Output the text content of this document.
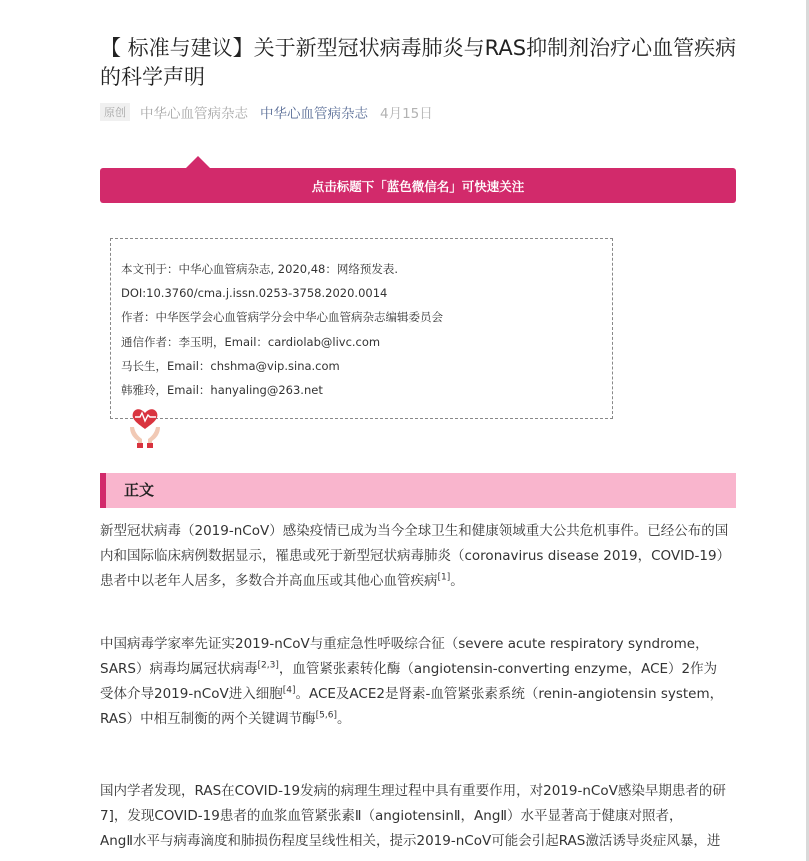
【 标准与建议】关于新型冠状病毒肺炎与RAS抑制剂治疗心血管疾病的科学声明
原创 中华心血管病杂志 中华心血管病杂志 4月15日
点击标题下「蓝色微信名」可快速关注
本文刊于：中华心血管病杂志, 2020,48：网络预发表.
DOI:10.3760/cma.j.issn.0253-3758.2020.0014
作者：中华医学会心血管病学分会中华心血管病杂志编辑委员会
通信作者：李玉明，Email：cardiolab@livc.com
马长生，Email：chshma@vip.sina.com
韩雅玲，Email：hanyaling@263.net
正文
新型冠状病毒（2019-nCoV）感染疫情已成为当今全球卫生和健康领域重大公共危机事件。已经公布的国
内和国际临床病例数据显示，罹患或死于新型冠状病毒肺炎（coronavirus disease 2019，COVID-19）
患者中以老年人居多，多数合并高血压或其他心血管疾病[1]。
中国病毒学家率先证实2019-nCoV与重症急性呼吸综合征（severe acute respiratory syndrome，
SARS）病毒均属冠状病毒[2,3]，血管紧张素转化酶（angiotensin-converting enzyme，ACE）2作为
受体介导2019-nCoV进入细胞[4]。ACE及ACE2是肾素-血管紧张素系统（renin-angiotensin system，
RAS）中相互制衡的两个关键调节酶[5,6]。
国内学者发现，RAS在COVID-19发病的病理生理过程中具有重要作用，对2019-nCoV感染早期患者的研
7]，发现COVID-19患者的血浆血管紧张素Ⅱ（angiotensinⅡ，AngⅡ）水平显著高于健康对照者，
AngⅡ水平与病毒滴度和肺损伤程度呈线性相关，提示2019-nCoV可能会引起RAS激活诱导炎症风暴，进
